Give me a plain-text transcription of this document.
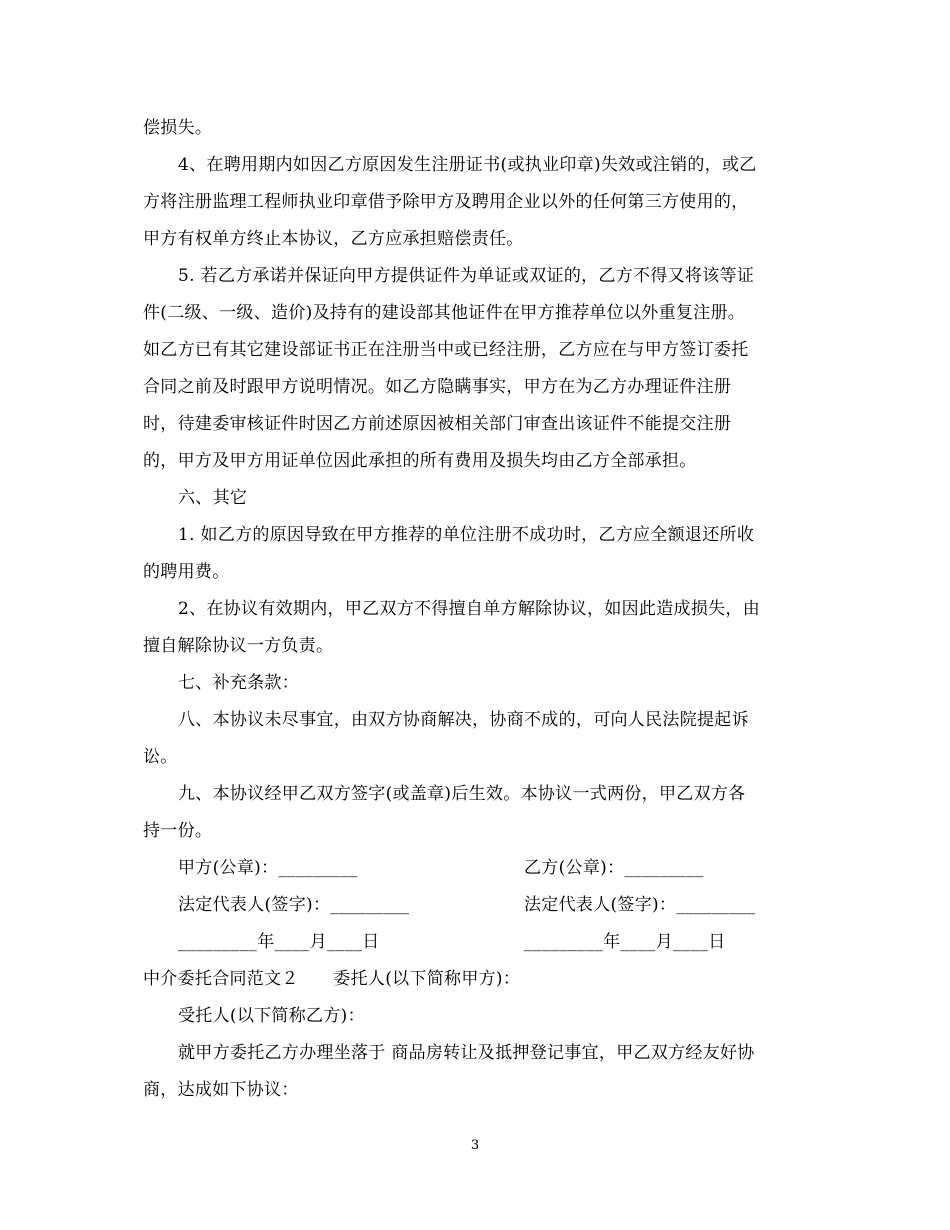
偿损失。
4、在聘用期内如因乙方原因发生注册证书(或执业印章)失效或注销的，或乙
方将注册监理工程师执业印章借予除甲方及聘用企业以外的任何第三方使用的，
甲方有权单方终止本协议，乙方应承担赔偿责任。
5. 若乙方承诺并保证向甲方提供证件为单证或双证的，乙方不得又将该等证
件(二级、一级、造价)及持有的建设部其他证件在甲方推荐单位以外重复注册。
如乙方已有其它建设部证书正在注册当中或已经注册，乙方应在与甲方签订委托
合同之前及时跟甲方说明情况。如乙方隐瞒事实，甲方在为乙方办理证件注册
时，待建委审核证件时因乙方前述原因被相关部门审查出该证件不能提交注册
的，甲方及甲方用证单位因此承担的所有费用及损失均由乙方全部承担。
六、其它
1. 如乙方的原因导致在甲方推荐的单位注册不成功时，乙方应全额退还所收
的聘用费。
2、在协议有效期内，甲乙双方不得擅自单方解除协议，如因此造成损失，由
擅自解除协议一方负责。
七、补充条款：
八、本协议未尽事宜，由双方协商解决，协商不成的，可向人民法院提起诉
讼。
九、本协议经甲乙双方签字(或盖章)后生效。本协议一式两份，甲乙双方各
持一份。
甲方(公章)：_________	乙方(公章)：_________
法定代表人(签字)：_________	法定代表人(签字)：_________
_________年____月____日	_________年____月____日
中介委托合同范文２　　委托人(以下简称甲方)：
受托人(以下简称乙方)：
就甲方委托乙方办理坐落于 商品房转让及抵押登记事宜，甲乙双方经友好协
商，达成如下协议：
3
